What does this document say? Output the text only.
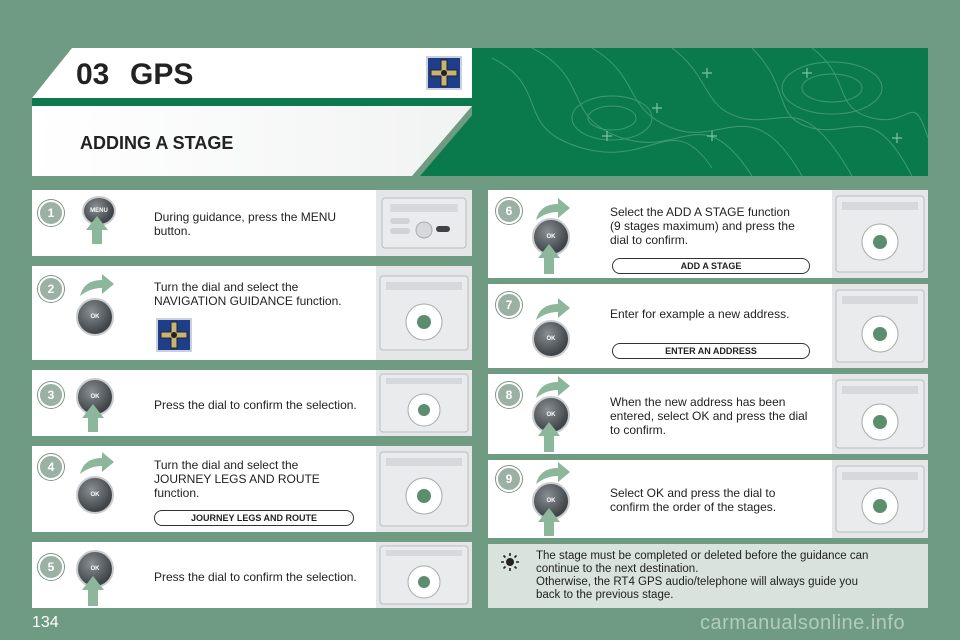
03 GPS
ADDING A STAGE
The stage must be completed or deleted before the guidance can
continue to the next destination.
Otherwise, the RT4 GPS audio/telephone will always guide you
back to the previous stage.
1
2
3
4
5
6
7
8
9
MENU
OK
OK
OK
OK
OK
OK
OK
OK
During guidance, press the MENU
button.
Turn the dial and select the
NAVIGATION GUIDANCE function.
Press the dial to confirm the selection.
Turn the dial and select the
JOURNEY LEGS AND ROUTE
function.
JOURNEY LEGS AND ROUTE
Press the dial to confirm the selection.
Select the ADD A STAGE function
(9 stages maximum) and press the
dial to confirm.
ADD A STAGE
Enter for example a new address.
ENTER AN ADDRESS
When the new address has been
entered, select OK and press the dial
to confirm.
Select OK and press the dial to
confirm the order of the stages.
134	carmanualsonline.info
